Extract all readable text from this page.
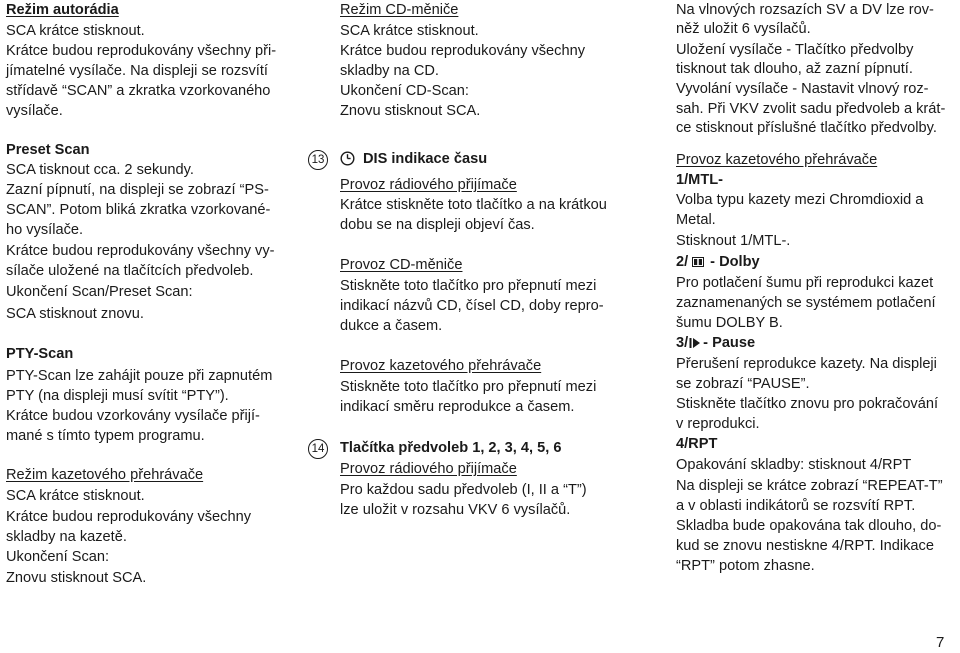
Režim autorádia
SCA krátce stisknout.
Krátce budou reprodukovány všechny při-
jímatelné vysílače. Na displeji se rozsvítí
střídavě “SCAN” a zkratka vzorkovaného
vysílače.
Preset Scan
SCA tisknout cca. 2 sekundy.
Zazní pípnutí, na displeji se zobrazí “PS-
SCAN”. Potom bliká zkratka vzorkované-
ho vysílače.
Krátce budou reprodukovány všechny vy-
sílače uložené na tlačítcích předvoleb.
Ukončení Scan/Preset Scan:
SCA stisknout znovu.
PTY-Scan
PTY-Scan lze zahájit pouze při zapnutém
PTY (na displeji musí svítit “PTY”).
Krátce budou vzorkovány vysílače přijí-
mané s tímto typem programu.
Režim kazetového přehrávače
SCA krátce stisknout.
Krátce budou reprodukovány všechny
skladby na kazetě.
Ukončení Scan:
Znovu stisknout SCA.
Režim CD-měniče
SCA krátce stisknout.
Krátce budou reprodukovány všechny
skladby na CD.
Ukončení CD-Scan:
Znovu stisknout SCA.
13	DIS indikace času
Provoz rádiového přijímače
Krátce stiskněte toto tlačítko a na krátkou
dobu se na displeji objeví čas.
Provoz CD-měniče
Stiskněte toto tlačítko pro přepnutí mezi
indikací názvů CD, čísel CD, doby repro-
dukce a časem.
Provoz kazetového přehrávače
Stiskněte toto tlačítko pro přepnutí mezi
indikací směru reprodukce a časem.
14 Tlačítka předvoleb 1, 2, 3, 4, 5, 6
Provoz rádiového přijímače
Pro každou sadu předvoleb (I, II a “T”)
lze uložit v rozsahu VKV 6 vysílačů.
Na vlnových rozsazích SV a DV lze rov-
něž uložit 6 vysílačů.
Uložení vysílače - Tlačítko předvolby
tisknout tak dlouho, až zazní pípnutí.
Vyvolání vysílače - Nastavit vlnový roz-
sah. Při VKV zvolit sadu předvoleb a krát-
ce stisknout příslušné tlačítko předvolby.
Provoz kazetového přehrávače
1/MTL-
Volba typu kazety mezi Chromdioxid a
Metal.
Stisknout 1/MTL-.
2/ - Dolby
Pro potlačení šumu při reprodukci kazet
zaznamenaných se systémem potlačení
šumu DOLBY B.
3/ - Pause
Přerušení reprodukce kazety. Na displeji
se zobrazí “PAUSE”.
Stiskněte tlačítko znovu pro pokračování
v reprodukci.
4/RPT
Opakování skladby: stisknout 4/RPT
Na displeji se krátce zobrazí “REPEAT-T”
a v oblasti indikátorů se rozsvítí RPT.
Skladba bude opakována tak dlouho, do-
kud se znovu nestiskne 4/RPT. Indikace
“RPT” potom zhasne.
7
